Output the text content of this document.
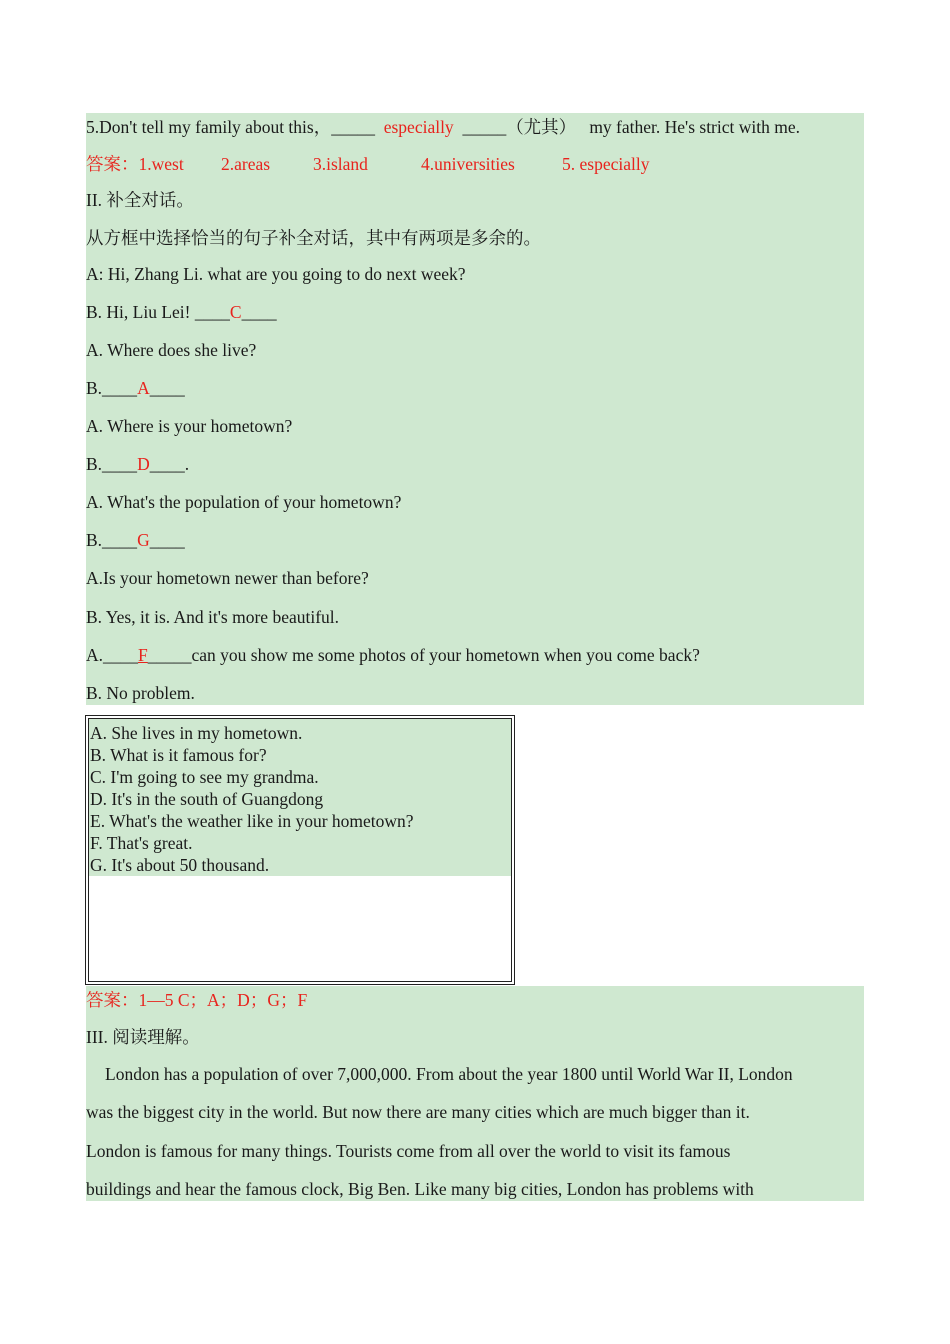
5.Don't tell my family about this，_____ especially _____（尤其） my father. He's strict with me.
答案：1.west 2.areas 3.island	4.universities	5. especially
II. 补全对话。
从方框中选择恰当的句子补全对话，其中有两项是多余的。
A: Hi, Zhang Li. what are you going to do next week?
B. Hi, Liu Lei! ____C____
A. Where does she live?
B.____A____
A. Where is your hometown?
B.____D____.
A. What's the population of your hometown?
B.____G____
A.Is your hometown newer than before?
B. Yes, it is. And it's more beautiful.
A.____F_____can you show me some photos of your hometown when you come back?
B. No problem.
A. She lives in my hometown.
B. What is it famous for?
C. I'm going to see my grandma.
D. It's in the south of Guangdong
E. What's the weather like in your hometown?
F. That's great.
G. It's about 50 thousand.
答案：1—5 C；A；D；G；F
III. 阅读理解。
London has a population of over 7,000,000. From about the year 1800 until World War II, London
was the biggest city in the world. But now there are many cities which are much bigger than it.
London is famous for many things. Tourists come from all over the world to visit its famous
buildings and hear the famous clock, Big Ben. Like many big cities, London has problems with
